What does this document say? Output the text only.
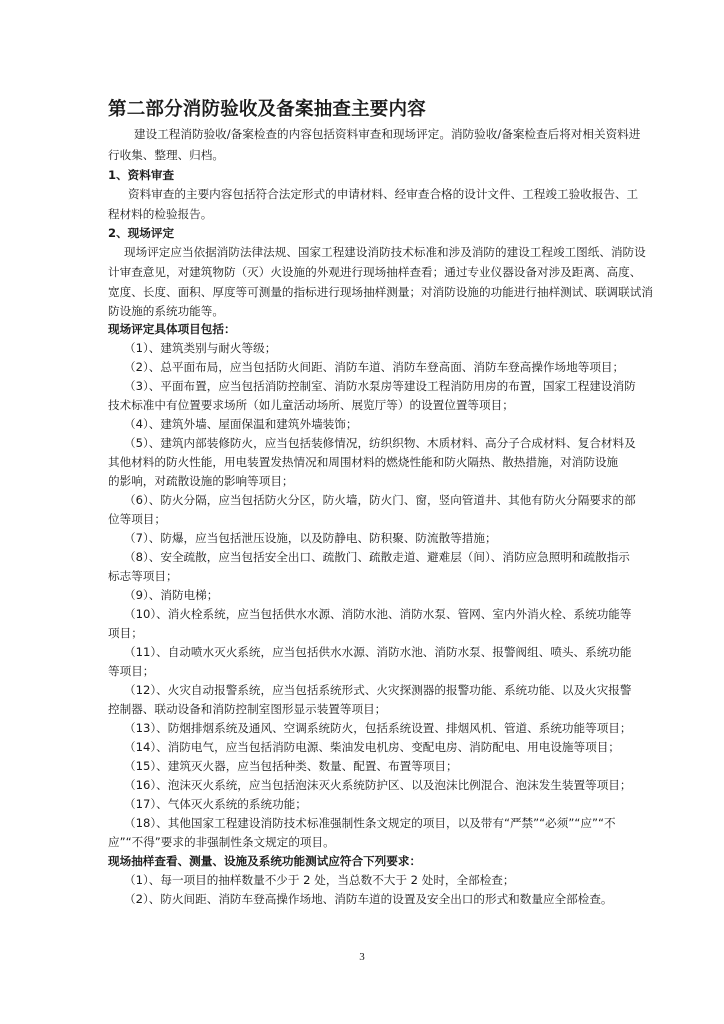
第二部分消防验收及备案抽查主要内容
建设工程消防验收/备案检查的内容包括资料审查和现场评定。消防验收/备案检查后将对相关资料进
行收集、整理、归档。
1、资料审查
资料审查的主要内容包括符合法定形式的申请材料、经审查合格的设计文件、工程竣工验收报告、工
程材料的检验报告。
2、现场评定
现场评定应当依据消防法律法规、国家工程建设消防技术标准和涉及消防的建设工程竣工图纸、消防设
计审查意见，对建筑物防（灭）火设施的外观进行现场抽样查看；通过专业仪器设备对涉及距离、高度、
宽度、长度、面积、厚度等可测量的指标进行现场抽样测量；对消防设施的功能进行抽样测试、联调联试消
防设施的系统功能等。
现场评定具体项目包括：
（1）、建筑类别与耐火等级；
（2）、总平面布局，应当包括防火间距、消防车道、消防车登高面、消防车登高操作场地等项目；
（3）、平面布置，应当包括消防控制室、消防水泵房等建设工程消防用房的布置，国家工程建设消防
技术标准中有位置要求场所（如儿童活动场所、展览厅等）的设置位置等项目；
（4）、建筑外墙、屋面保温和建筑外墙装饰；
（5）、建筑内部装修防火，应当包括装修情况，纺织织物、木质材料、高分子合成材料、复合材料及
其他材料的防火性能，用电装置发热情况和周围材料的燃烧性能和防火隔热、散热措施，对消防设施
的影响，对疏散设施的影响等项目；
（6）、防火分隔，应当包括防火分区，防火墙，防火门、窗，竖向管道井、其他有防火分隔要求的部
位等项目；
（7）、防爆，应当包括泄压设施，以及防静电、防积聚、防流散等措施；
（8）、安全疏散，应当包括安全出口、疏散门、疏散走道、避难层（间）、消防应急照明和疏散指示
标志等项目；
（9）、消防电梯；
（10）、消火栓系统，应当包括供水水源、消防水池、消防水泵、管网、室内外消火栓、系统功能等
项目；
（11）、自动喷水灭火系统，应当包括供水水源、消防水池、消防水泵、报警阀组、喷头、系统功能
等项目；
（12）、火灾自动报警系统，应当包括系统形式、火灾探测器的报警功能、系统功能、以及火灾报警
控制器、联动设备和消防控制室图形显示装置等项目；
（13）、防烟排烟系统及通风、空调系统防火，包括系统设置、排烟风机、管道、系统功能等项目；
（14）、消防电气，应当包括消防电源、柴油发电机房、变配电房、消防配电、用电设施等项目；
（15）、建筑灭火器，应当包括种类、数量、配置、布置等项目；
（16）、泡沫灭火系统，应当包括泡沫灭火系统防护区、以及泡沫比例混合、泡沫发生装置等项目；
（17）、气体灭火系统的系统功能；
（18）、其他国家工程建设消防技术标准强制性条文规定的项目，以及带有“严禁”“必须”“应”“不
应”“不得”要求的非强制性条文规定的项目。
现场抽样查看、测量、设施及系统功能测试应符合下列要求：
（1）、每一项目的抽样数量不少于 2 处，当总数不大于 2 处时，全部检查；
（2）、防火间距、消防车登高操作场地、消防车道的设置及安全出口的形式和数量应全部检查。
3
